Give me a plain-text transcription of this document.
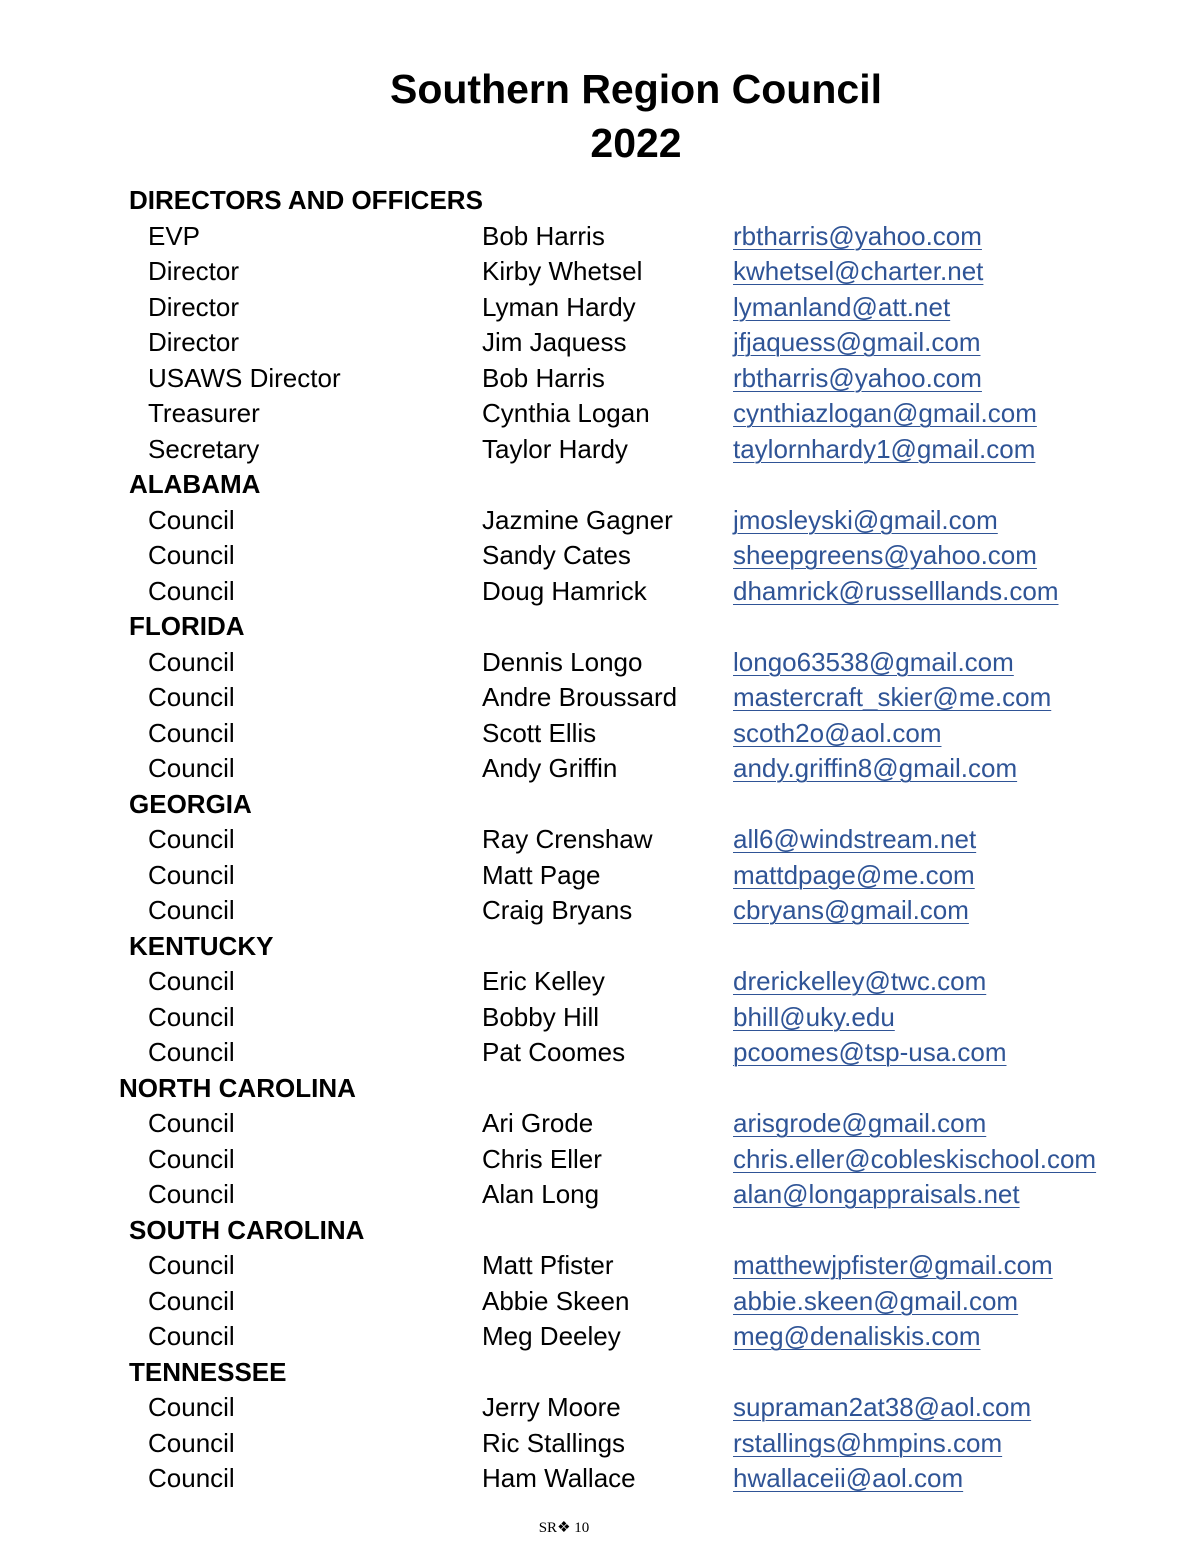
Southern Region Council
2022
DIRECTORS AND OFFICERS
EVP	Bob Harris	rbtharris@yahoo.com
Director	Kirby Whetsel	kwhetsel@charter.net
Director	Lyman Hardy	lymanland@att.net
Director	Jim Jaquess	jfjaquess@gmail.com
USAWS Director	Bob Harris	rbtharris@yahoo.com
Treasurer	Cynthia Logan	cynthiazlogan@gmail.com
Secretary	Taylor Hardy	taylornhardy1@gmail.com
ALABAMA
Council	Jazmine Gagner jmosleyski@gmail.com
Council	Sandy Cates	sheepgreens@yahoo.com
Council	Doug Hamrick	dhamrick@russelllands.com
FLORIDA
Council	Dennis Longo	longo63538@gmail.com
Council	Andre Broussard mastercraft_skier@me.com
Council	Scott Ellis	scoth2o@aol.com
Council	Andy Griffin	andy.griffin8@gmail.com
GEORGIA
Council	Ray Crenshaw	all6@windstream.net
Council	Matt Page	mattdpage@me.com
Council	Craig Bryans	cbryans@gmail.com
KENTUCKY
Council	Eric Kelley	drerickelley@twc.com
Council	Bobby Hill	bhill@uky.edu
Council	Pat Coomes	pcoomes@tsp-usa.com
NORTH CAROLINA
Council	Ari Grode	arisgrode@gmail.com
Council	Chris Eller	chris.eller@cobleskischool.com
Council	Alan Long	alan@longappraisals.net
SOUTH CAROLINA
Council	Matt Pfister	matthewjpfister@gmail.com
Council	Abbie Skeen	abbie.skeen@gmail.com
Council	Meg Deeley	meg@denaliskis.com
TENNESSEE
Council	Jerry Moore	supraman2at38@aol.com
Council	Ric Stallings	rstallings@hmpins.com
Council	Ham Wallace	hwallaceii@aol.com
SR❖ 10
